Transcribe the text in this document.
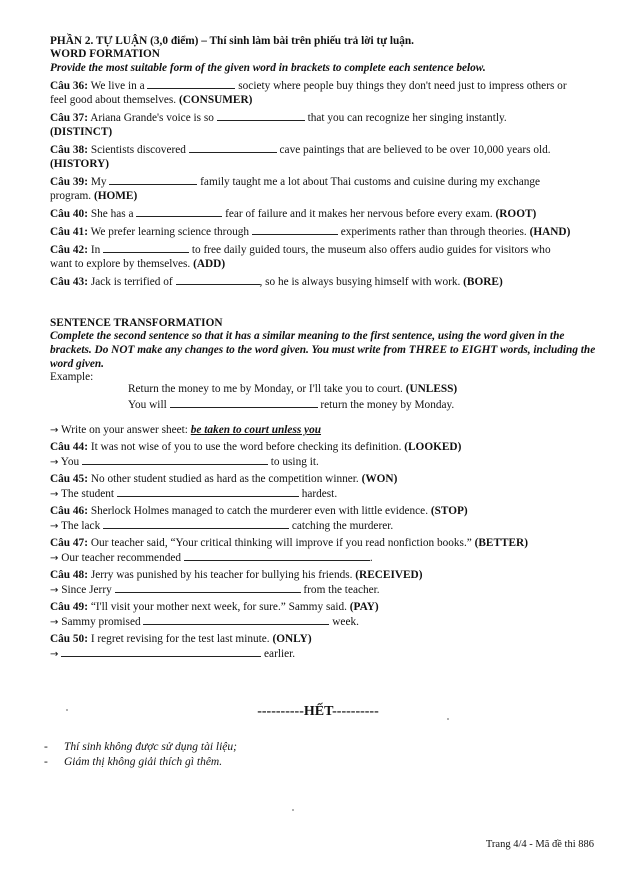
PHẦN 2. TỰ LUẬN (3,0 điểm) – Thí sinh làm bài trên phiếu trả lời tự luận.
WORD FORMATION
Provide the most suitable form of the given word in brackets to complete each sentence below.
Câu 36: We live in a	society where people buy things they don't need just to impress others or
feel good about themselves. (CONSUMER)
Câu 37: Ariana Grande's voice is so	that you can recognize her singing instantly.
(DISTINCT)
Câu 38: Scientists discovered	cave paintings that are believed to be over 10,000 years old.
(HISTORY)
Câu 39: My	family taught me a lot about Thai customs and cuisine during my exchange
program. (HOME)
Câu 40: She has a	fear of failure and it makes her nervous before every exam. (ROOT)
Câu 41: We prefer learning science through	experiments rather than through theories. (HAND)
Câu 42: In	to free daily guided tours, the museum also offers audio guides for visitors who
want to explore by themselves. (ADD)
Câu 43: Jack is terrified of	, so he is always busying himself with work. (BORE)
SENTENCE TRANSFORMATION
Complete the second sentence so that it has a similar meaning to the first sentence, using the word given in the brackets. Do NOT make any changes to the word given. You must write from THREE to EIGHT words, including the word given.
Example:
Return the money to me by Monday, or I'll take you to court. (UNLESS)
You will	return the money by Monday.
→ Write on your answer sheet: be taken to court unless you
Câu 44: It was not wise of you to use the word before checking its definition. (LOOKED)
→ You	to using it.
Câu 45: No other student studied as hard as the competition winner. (WON)
→ The student	hardest.
Câu 46: Sherlock Holmes managed to catch the murderer even with little evidence. (STOP)
→ The lack	catching the murderer.
Câu 47: Our teacher said, “Your critical thinking will improve if you read nonfiction books.” (BETTER)
→ Our teacher recommended	.
Câu 48: Jerry was punished by his teacher for bullying his friends. (RECEIVED)
→ Since Jerry	from the teacher.
Câu 49: “I'll visit your mother next week, for sure.” Sammy said. (PAY)
→ Sammy promised	week.
Câu 50: I regret revising for the test last minute. (ONLY)
→	earlier.
----------HẾT----------
- Thí sinh không được sử dụng tài liệu;
- Giám thị không giải thích gì thêm.
Trang 4/4 - Mã đề thi 886
